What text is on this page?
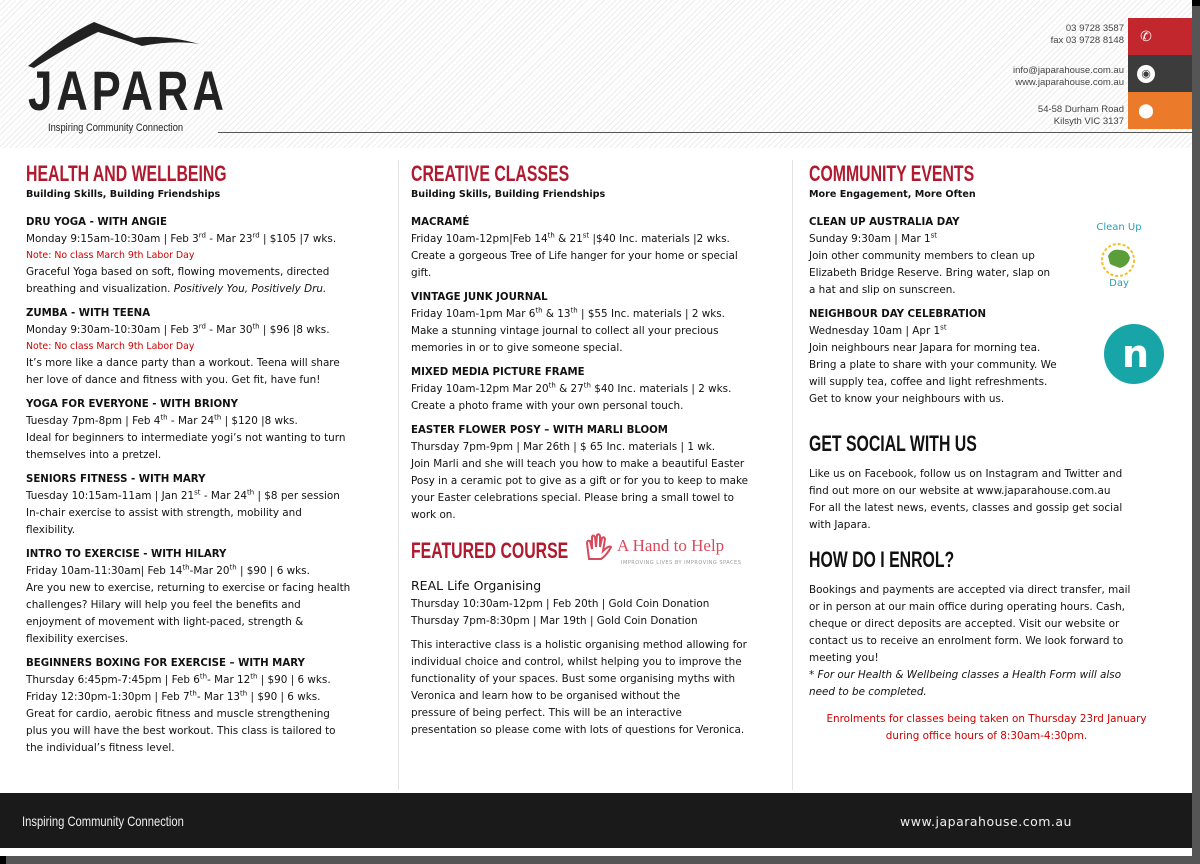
JAPARA
Inspiring Community Connection
03 9728 3587
fax 03 9728 8148
info@japarahouse.com.au
www.japarahouse.com.au
54-58 Durham Road
Kilsyth VIC 3137
✆
◉
⬤
HEALTH AND WELLBEING
Building Skills, Building Friendships
DRU YOGA - WITH ANGIE
Monday 9:15am-10:30am | Feb 3rd - Mar 23rd | $105 |7 wks.
Note: No class March 9th Labor Day
Graceful Yoga based on soft, flowing movements, directed
breathing and visualization. Positively You, Positively Dru.
ZUMBA - WITH TEENA
Monday 9:30am-10:30am | Feb 3rd - Mar 30th | $96 |8 wks.
Note: No class March 9th Labor Day
It’s more like a dance party than a workout. Teena will share
her love of dance and fitness with you. Get fit, have fun!
YOGA FOR EVERYONE - WITH BRIONY
Tuesday 7pm-8pm | Feb 4th - Mar 24th | $120 |8 wks.
Ideal for beginners to intermediate yogi’s not wanting to turn
themselves into a pretzel.
SENIORS FITNESS - WITH MARY
Tuesday 10:15am-11am | Jan 21st - Mar 24th | $8 per session
In-chair exercise to assist with strength, mobility and
flexibility.
INTRO TO EXERCISE - WITH HILARY
Friday 10am-11:30am| Feb 14th-Mar 20th | $90 | 6 wks.
Are you new to exercise, returning to exercise or facing health
challenges? Hilary will help you feel the benefits and
enjoyment of movement with light-paced, strength &
flexibility exercises.
BEGINNERS BOXING FOR EXERCISE – WITH MARY
Thursday 6:45pm-7:45pm | Feb 6th- Mar 12th | $90 | 6 wks.
Friday 12:30pm-1:30pm | Feb 7th- Mar 13th | $90 | 6 wks.
Great for cardio, aerobic fitness and muscle strengthening
plus you will have the best workout. This class is tailored to
the individual’s fitness level.
CREATIVE CLASSES
Building Skills, Building Friendships
MACRAMÉ
Friday 10am-12pm|Feb 14th & 21st |$40 Inc. materials |2 wks.
Create a gorgeous Tree of Life hanger for your home or special
gift.
VINTAGE JUNK JOURNAL
Friday 10am-1pm Mar 6th & 13th | $55 Inc. materials | 2 wks.
Make a stunning vintage journal to collect all your precious
memories in or to give someone special.
MIXED MEDIA PICTURE FRAME
Friday 10am-12pm Mar 20th & 27th $40 Inc. materials | 2 wks.
Create a photo frame with your own personal touch.
EASTER FLOWER POSY – WITH MARLI BLOOM
Thursday 7pm-9pm | Mar 26th | $ 65 Inc. materials | 1 wk.
Join Marli and she will teach you how to make a beautiful Easter
Posy in a ceramic pot to give as a gift or for you to keep to make
your Easter celebrations special. Please bring a small towel to
work on.
FEATURED COURSE	A Hand to Help
IMPROVING LIVES BY IMPROVING SPACES
REAL Life Organising
Thursday 10:30am-12pm | Feb 20th | Gold Coin Donation
Thursday 7pm-8:30pm | Mar 19th | Gold Coin Donation
This interactive class is a holistic organising method allowing for
individual choice and control, whilst helping you to improve the
functionality of your spaces. Bust some organising myths with
Veronica and learn how to be organised without the
pressure of being perfect. This will be an interactive
presentation so please come with lots of questions for Veronica.
COMMUNITY EVENTS
More Engagement, More Often
CLEAN UP AUSTRALIA DAY
Sunday 9:30am | Mar 1st
Join other community members to clean up
Elizabeth Bridge Reserve. Bring water, slap on
a hat and slip on sunscreen.
NEIGHBOUR DAY CELEBRATION
Wednesday 10am | Apr 1st
Join neighbours near Japara for morning tea.
Bring a plate to share with your community. We
will supply tea, coffee and light refreshments.
Get to know your neighbours with us.
GET SOCIAL WITH US
Like us on Facebook, follow us on Instagram and Twitter and
find out more on our website at www.japarahouse.com.au
For all the latest news, events, classes and gossip get social
with Japara.
HOW DO I ENROL?
Bookings and payments are accepted via direct transfer, mail
or in person at our main office during operating hours. Cash,
cheque or direct deposits are accepted. Visit our website or
contact us to receive an enrolment form. We look forward to
meeting you!
* For our Health & Wellbeing classes a Health Form will also
need to be completed.
Enrolments for classes being taken on Thursday 23rd January
during office hours of 8:30am-4:30pm.
Clean Up
Day
n
Inspiring Community Connection	www.japarahouse.com.au
